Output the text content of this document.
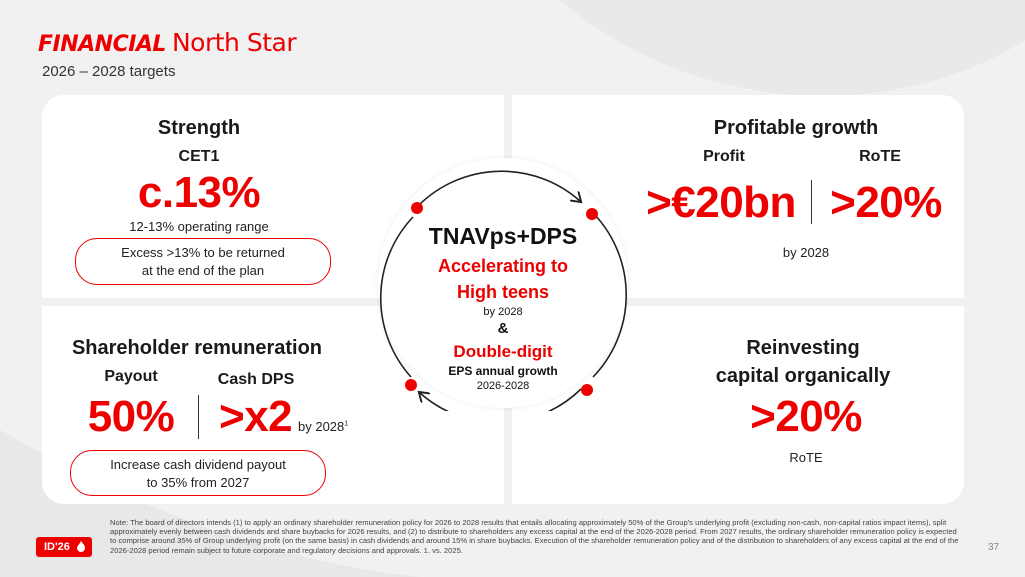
FINANCIAL North Star
2026 – 2028 targets
Strength
CET1
c.13%
12-13% operating range
Excess >13% to be returned
at the end of the plan
Profitable growth
Profit	RoTE
>€20bn >20%
by 2028
Shareholder remuneration
Payout	Cash DPS
50% >x2 by 2028$^1$
Increase cash dividend payout
to 35% from 2027
Reinvesting
capital organically
>20%
RoTE
TNAVps+DPS
Accelerating to
High teens
by 2028
&
Double-digit
EPS annual growth
2026-2028
Note: The board of directors intends (1) to apply an ordinary shareholder remuneration policy for 2026 to 2028 results that entails allocating approximately 50% of the Group's underlying profit (excluding non-cash, non-capital ratios impact items), split approximately evenly between cash dividends and share buybacks for 2026 results, and (2) to distribute to shareholders any excess capital at the end of the 2026-2028 period. From 2027 results, the ordinary shareholder remuneration policy is expected to comprise around 35% of Group underlying profit (on the same basis) in cash dividends and around 15% in share buybacks. Execution of the shareholder remuneration policy and of the distribution to shareholders of any excess capital at the end of the 2026-2028 period remain subject to future corporate and regulatory decisions and approvals. 1. vs. 2025.
ID'26	37
